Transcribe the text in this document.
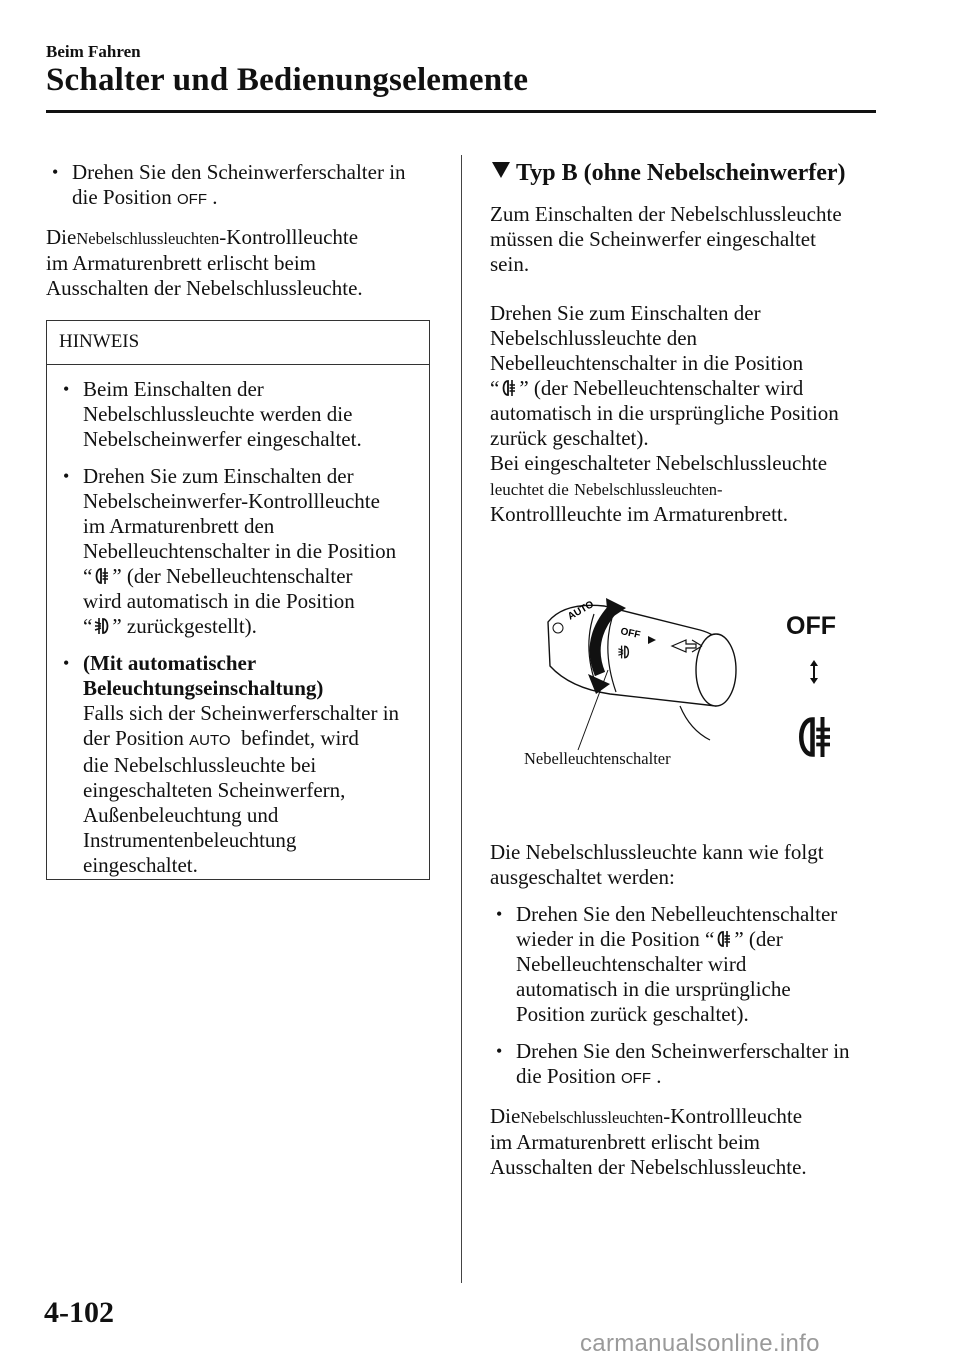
Beim Fahren
Schalter und Bedienungselemente
• Drehen Sie den Scheinwerferschalter in
die Position OFF .
DieNebelschlussleuchten-Kontrollleuchte
im Armaturenbrett erlischt beim
Ausschalten der Nebelschlussleuchte.
HINWEIS
• Beim Einschalten der
Nebelschlussleuchte werden die
Nebelscheinwerfer eingeschaltet.
• Drehen Sie zum Einschalten der
Nebelscheinwerfer-Kontrollleuchte
im Armaturenbrett den
Nebelleuchtenschalter in die Position
“ ” (der Nebelleuchtenschalter
wird automatisch in die Position
“ ” zurückgestellt).
• (Mit automatischer
Beleuchtungseinschaltung)
Falls sich der Scheinwerferschalter in
der Position AUTO befindet, wird
die Nebelschlussleuchte bei
eingeschalteten Scheinwerfern,
Außenbeleuchtung und
Instrumentenbeleuchtung
eingeschaltet.
Typ B (ohne Nebelscheinwerfer)
Zum Einschalten der Nebelschlussleuchte
müssen die Scheinwerfer eingeschaltet
sein.
Drehen Sie zum Einschalten der
Nebelschlussleuchte den
Nebelleuchtenschalter in die Position
“ ” (der Nebelleuchtenschalter wird
automatisch in die ursprüngliche Position
zurück geschaltet).
Bei eingeschalteter Nebelschlussleuchte
leuchtet die Nebelschlussleuchten-
Kontrollleuchte im Armaturenbrett.
AUTO
OFF
Nebelleuchtenschalter
OFF
Die Nebelschlussleuchte kann wie folgt
ausgeschaltet werden:
• Drehen Sie den Nebelleuchtenschalter
wieder in die Position “ ” (der
Nebelleuchtenschalter wird
automatisch in die ursprüngliche
Position zurück geschaltet).
• Drehen Sie den Scheinwerferschalter in
die Position OFF .
DieNebelschlussleuchten-Kontrollleuchte
im Armaturenbrett erlischt beim
Ausschalten der Nebelschlussleuchte.
4-102
carmanualsonline.info
